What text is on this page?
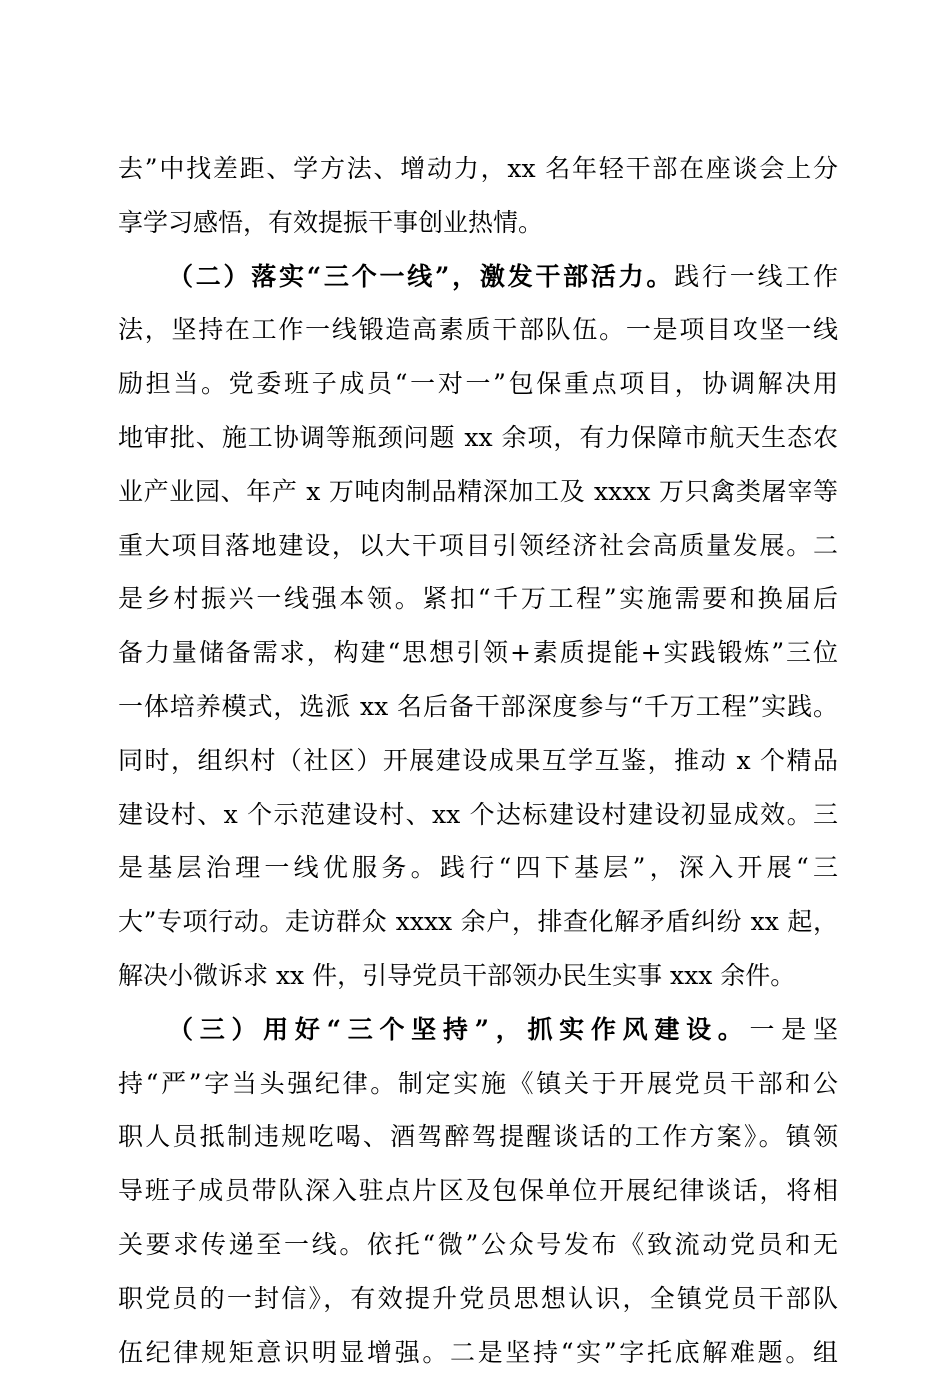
去”中找差距、学方法、增动力，xx 名年轻干部在座谈会上分
享学习感悟，有效提振干事创业热情。
（二）落实“三个一线”，激发干部活力。践行一线工作
法，坚持在工作一线锻造高素质干部队伍。一是项目攻坚一线
励担当。党委班子成员“一对一”包保重点项目，协调解决用
地审批、施工协调等瓶颈问题 xx 余项，有力保障市航天生态农
业产业园、年产 x 万吨肉制品精深加工及 xxxx 万只禽类屠宰等
重大项目落地建设，以大干项目引领经济社会高质量发展。二
是乡村振兴一线强本领。紧扣“千万工程”实施需要和换届后
备力量储备需求，构建“思想引领+素质提能+实践锻炼”三位
一体培养模式，选派 xx 名后备干部深度参与“千万工程”实践。
同时，组织村（社区）开展建设成果互学互鉴，推动 x 个精品
建设村、x 个示范建设村、xx 个达标建设村建设初显成效。三
是基层治理一线优服务。践行“四下基层”，深入开展“三
大”专项行动。走访群众 xxxx 余户，排查化解矛盾纠纷 xx 起，
解决小微诉求 xx 件，引导党员干部领办民生实事 xxx 余件。
（三）用好“三个坚持”，抓实作风建设。一是坚
持“严”字当头强纪律。制定实施《镇关于开展党员干部和公
职人员抵制违规吃喝、酒驾醉驾提醒谈话的工作方案》。镇领
导班子成员带队深入驻点片区及包保单位开展纪律谈话，将相
关要求传递至一线。依托“微”公众号发布《致流动党员和无
职党员的一封信》，有效提升党员思想认识，全镇党员干部队
伍纪律规矩意识明显增强。二是坚持“实”字托底解难题。组
